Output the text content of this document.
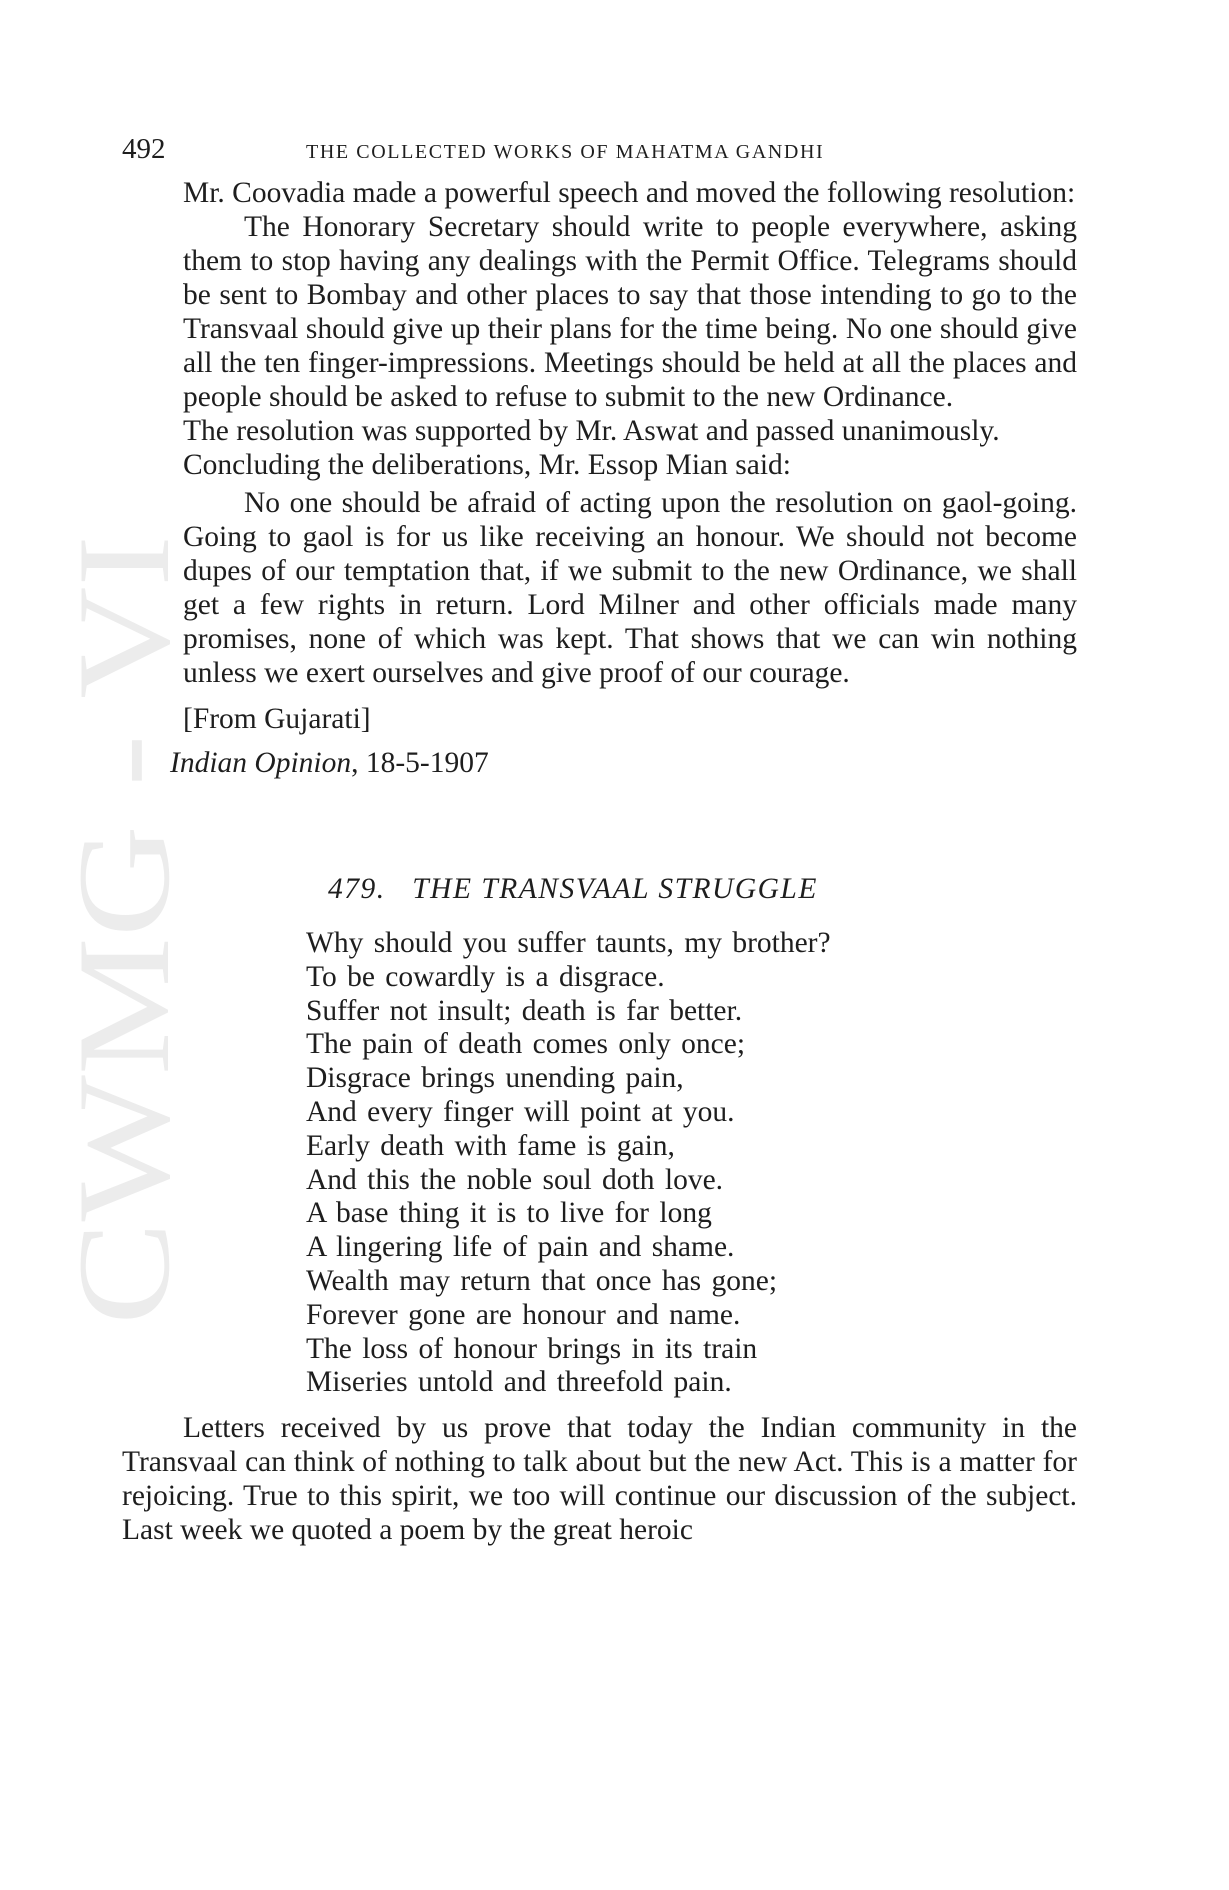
CWMG - VI
492	THE COLLECTED WORKS OF MAHATMA GANDHI

Mr. Coovadia made a powerful speech and moved the following resolution:

The Honorary Secretary should write to people everywhere, asking them to stop having any dealings with the Permit Office. Telegrams should be sent to Bombay and other places to say that those intending to go to the Transvaal should give up their plans for the time being. No one should give all the ten finger-impressions. Meetings should be held at all the places and people should be asked to refuse to submit to the new Ordinance.

The resolution was supported by Mr. Aswat and passed unanimously.

Concluding the deliberations, Mr. Essop Mian said:

No one should be afraid of acting upon the resolution on gaol-going. Going to gaol is for us like receiving an honour. We should not become dupes of our temptation that, if we submit to the new Ordinance, we shall get a few rights in return. Lord Milner and other officials made many promises, none of which was kept. That shows that we can win nothing unless we exert ourselves and give proof of our courage.

[From Gujarati]

Indian Opinion, 18-5-1907

479. THE TRANSVAAL STRUGGLE

Why should you suffer taunts, my brother?
To be cowardly is a disgrace.
Suffer not insult; death is far better.
The pain of death comes only once;
Disgrace brings unending pain,
And every finger will point at you.
Early death with fame is gain,
And this the noble soul doth love.
A base thing it is to live for long
A lingering life of pain and shame.
Wealth may return that once has gone;
Forever gone are honour and name.
The loss of honour brings in its train
Miseries untold and threefold pain.

Letters received by us prove that today the Indian community in the Transvaal can think of nothing to talk about but the new Act. This is a matter for rejoicing. True to this spirit, we too will continue our discussion of the subject. Last week we quoted a poem by the great heroic
